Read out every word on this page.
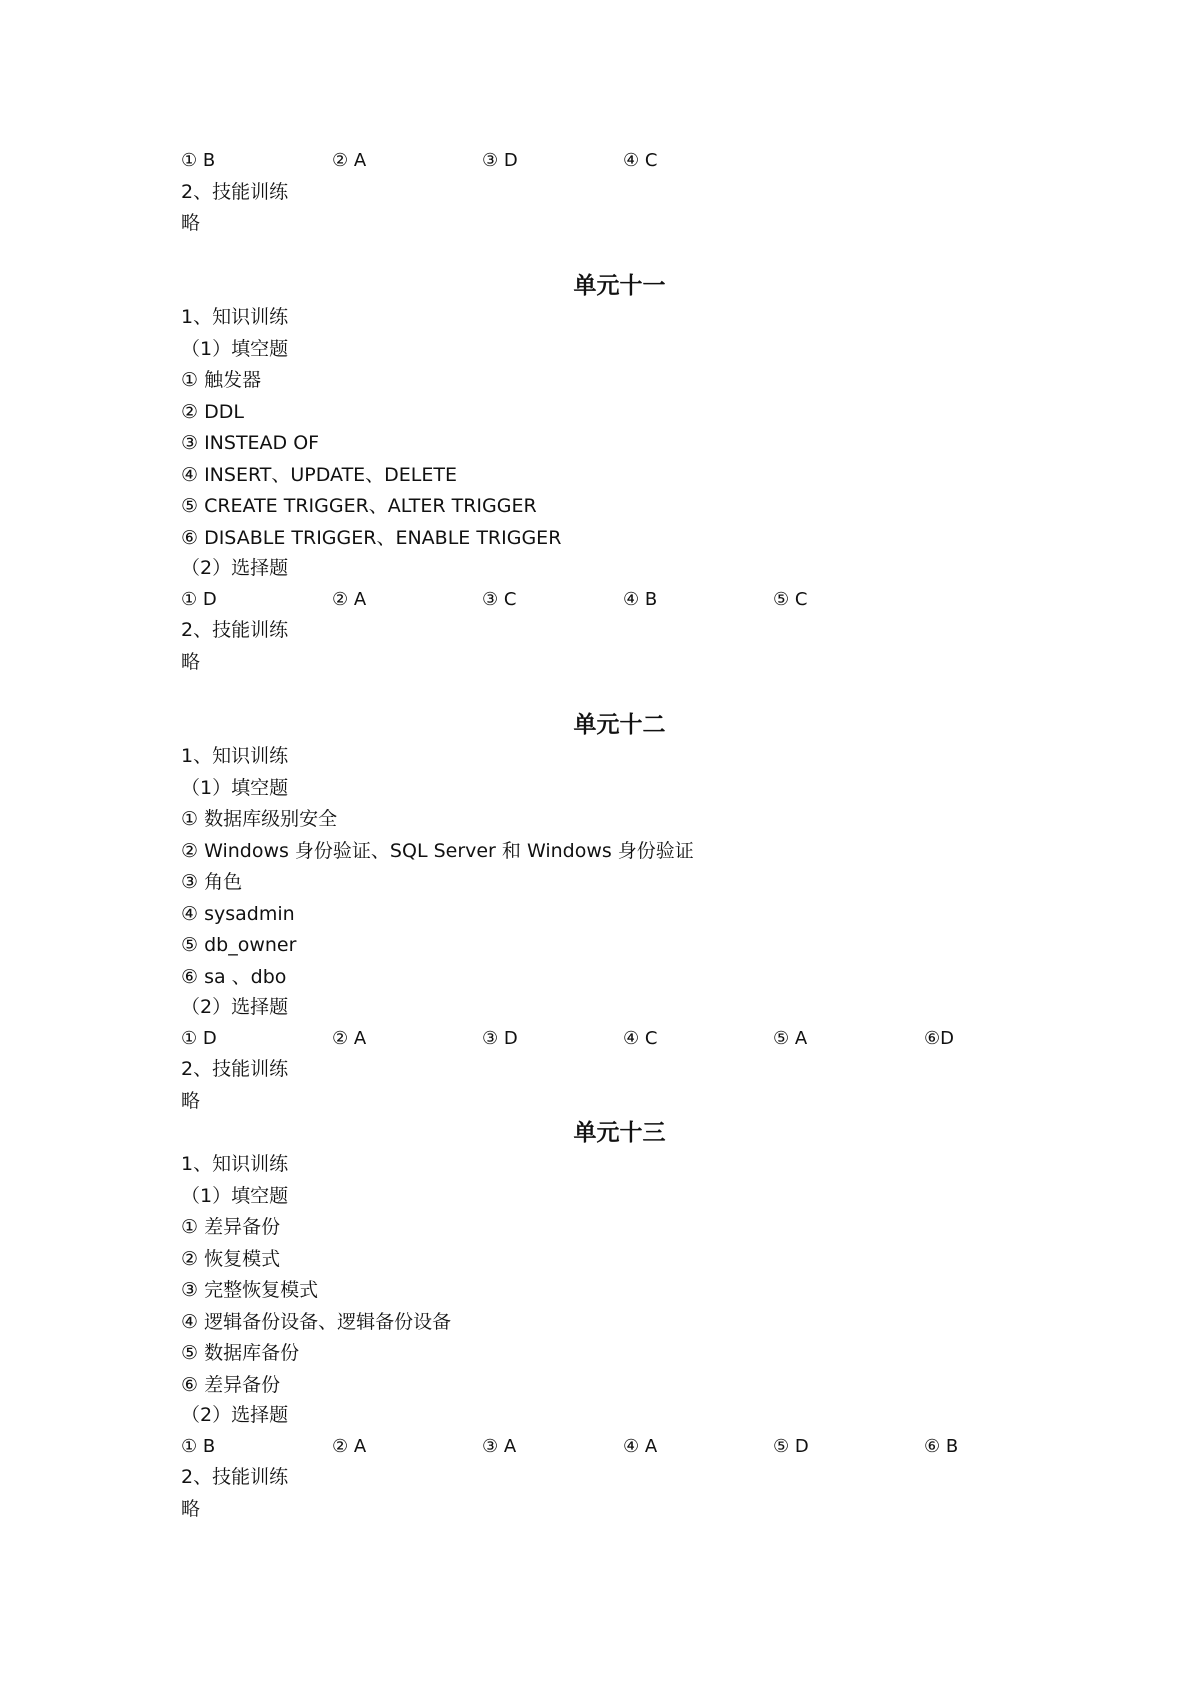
① B	② A	③ D	④ C
2、技能训练
略
单元十一
1、知识训练
（1）填空题
① 触发器
② DDL
③ INSTEAD OF
④ INSERT、UPDATE、DELETE
⑤ CREATE TRIGGER、ALTER TRIGGER
⑥ DISABLE TRIGGER、ENABLE TRIGGER
（2）选择题
① D	② A	③ C	④ B	⑤ C
2、技能训练
略
单元十二
1、知识训练
（1）填空题
① 数据库级别安全
② Windows 身份验证、SQL Server 和 Windows 身份验证
③ 角色
④ sysadmin
⑤ db_owner
⑥ sa 、dbo
（2）选择题
① D	② A	③ D	④ C	⑤ A	⑥D
2、技能训练
略
单元十三
1、知识训练
（1）填空题
① 差异备份
② 恢复模式
③ 完整恢复模式
④ 逻辑备份设备、逻辑备份设备
⑤ 数据库备份
⑥ 差异备份
（2）选择题
① B	② A	③ A	④ A	⑤ D	⑥ B
2、技能训练
略
